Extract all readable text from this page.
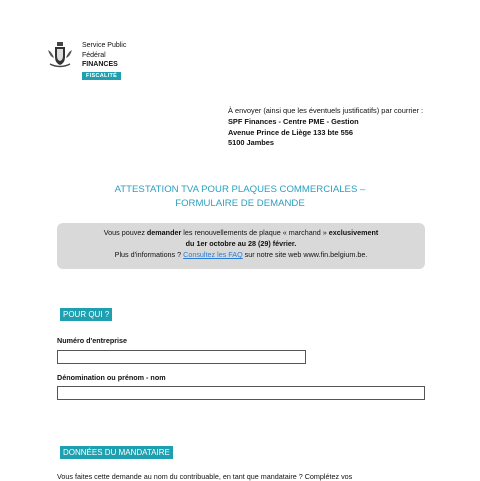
Service Public
Fédéral
FINANCES
FISCALITÉ
À envoyer (ainsi que les éventuels justificatifs) par courrier :
SPF Finances - Centre PME - Gestion
Avenue Prince de Liège 133 bte 556
5100 Jambes
ATTESTATION TVA POUR PLAQUES COMMERCIALES –
FORMULAIRE DE DEMANDE
Vous pouvez demander les renouvellements de plaque « marchand » exclusivement
du 1er octobre au 28 (29) février.
Plus d'informations ? Consultez les FAQ sur notre site web www.fin.belgium.be.
POUR QUI ?
Numéro d'entreprise
Dénomination ou prénom - nom
DONNÉES DU MANDATAIRE
Vous faites cette demande au nom du contribuable, en tant que mandataire ? Complétez vos
